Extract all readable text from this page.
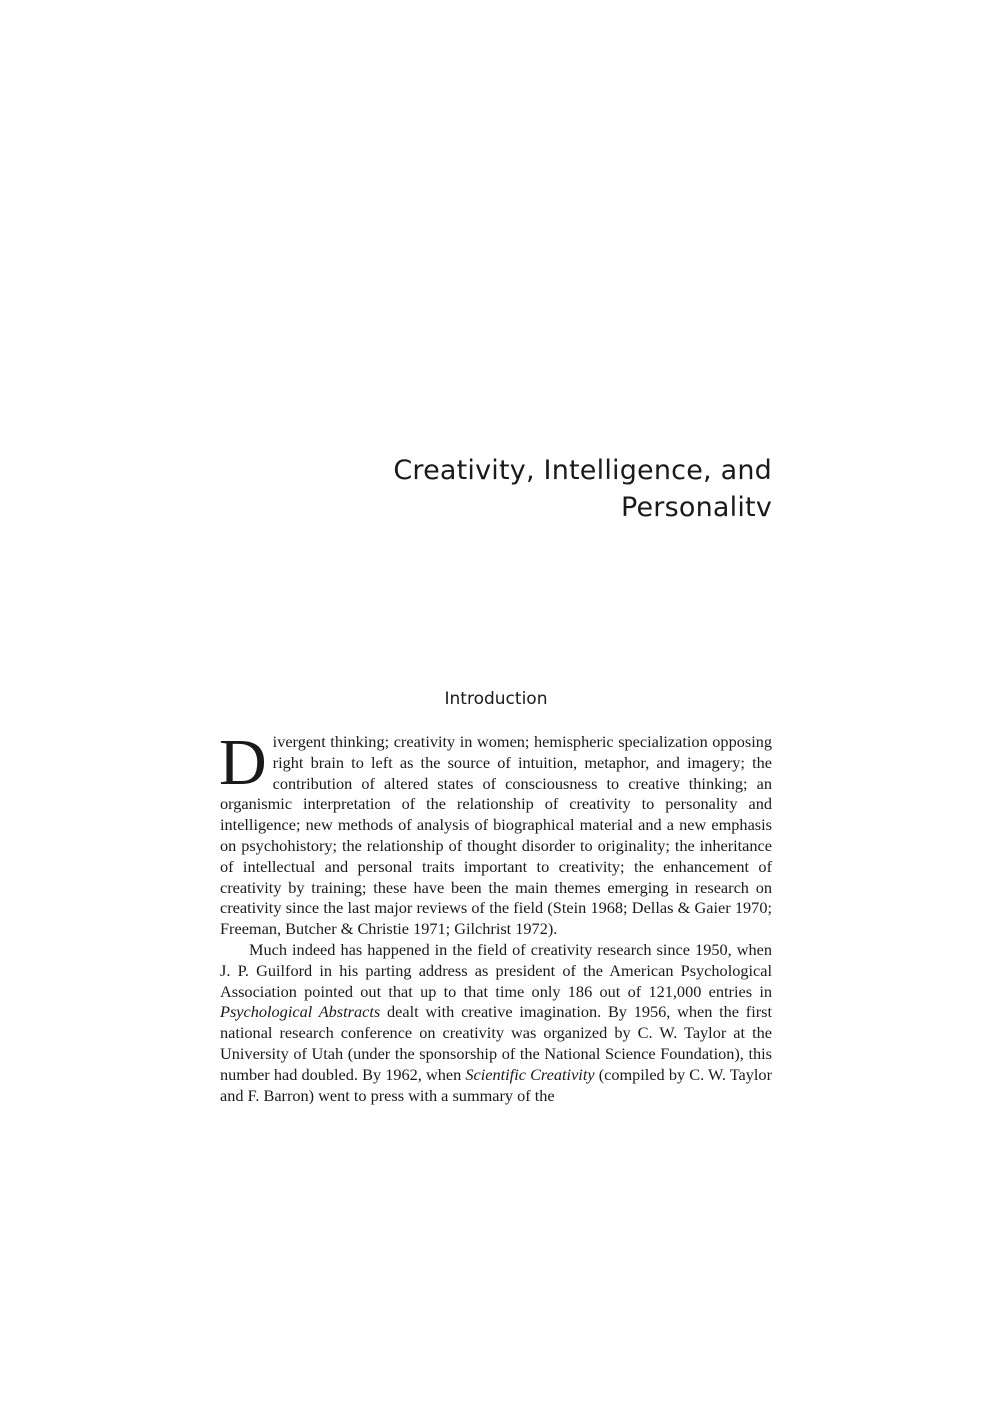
Creativity, Intelligence, and
Personalitv
Introduction

Divergent thinking; creativity in women; hemispheric specialization opposing right brain to left as the source of intuition, metaphor, and imagery; the contribution of altered states of consciousness to creative thinking; an organismic interpretation of the relationship of creativity to personality and intelligence; new methods of analysis of biographical material and a new emphasis on psychohistory; the relationship of thought disorder to originality; the inheritance of intellectual and personal traits important to creativity; the enhancement of creativity by training; these have been the main themes emerging in research on creativity since the last major reviews of the field (Stein 1968; Dellas & Gaier 1970; Freeman, Butcher & Christie 1971; Gilchrist 1972).

Much indeed has happened in the field of creativity research since 1950, when J. P. Guilford in his parting address as president of the American Psychological Association pointed out that up to that time only 186 out of 121,000 entries in Psychological Abstracts dealt with creative imagination. By 1956, when the first national research conference on creativity was organized by C. W. Taylor at the University of Utah (under the sponsorship of the National Science Foundation), this number had doubled. By 1962, when Scientific Creativity (compiled by C. W. Taylor and F. Barron) went to press with a summary of the
